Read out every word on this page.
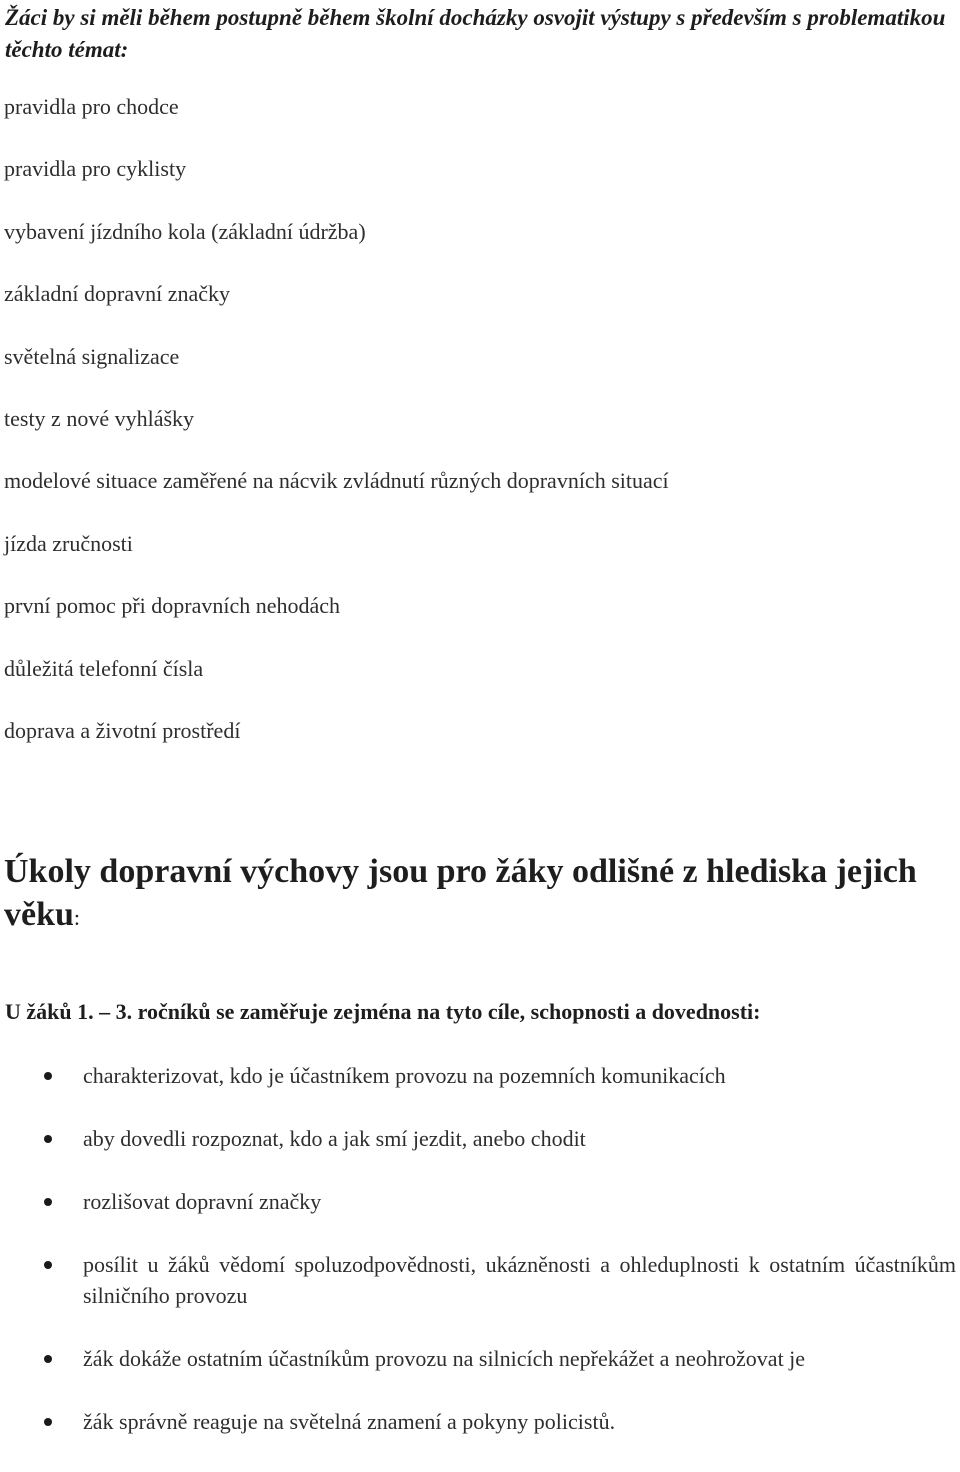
Žáci by si měli během postupně během školní docházky osvojit výstupy s především s problematikou těchto témat:

pravidla pro chodce
pravidla pro cyklisty
vybavení jízdního kola (základní údržba)
základní dopravní značky
světelná signalizace
testy z nové vyhlášky
modelové situace zaměřené na nácvik zvládnutí různých dopravních situací
jízda zručnosti
první pomoc při dopravních nehodách
důležitá telefonní čísla
doprava a životní prostředí
Úkoly dopravní výchovy jsou pro žáky odlišné z hlediska jejich věku:

U žáků 1. – 3. ročníků se zaměřuje zejména na tyto cíle, schopnosti a dovednosti:

charakterizovat, kdo je účastníkem provozu na pozemních komunikacích
aby dovedli rozpoznat, kdo a jak smí jezdit, anebo chodit
rozlišovat dopravní značky
posílit u žáků vědomí spoluzodpovědnosti, ukázněnosti a ohleduplnosti k ostatním účastníkům silničního provozu
žák dokáže ostatním účastníkům provozu na silnicích nepřekážet a neohrožovat je
žák správně reaguje na světelná znamení a pokyny policistů.
